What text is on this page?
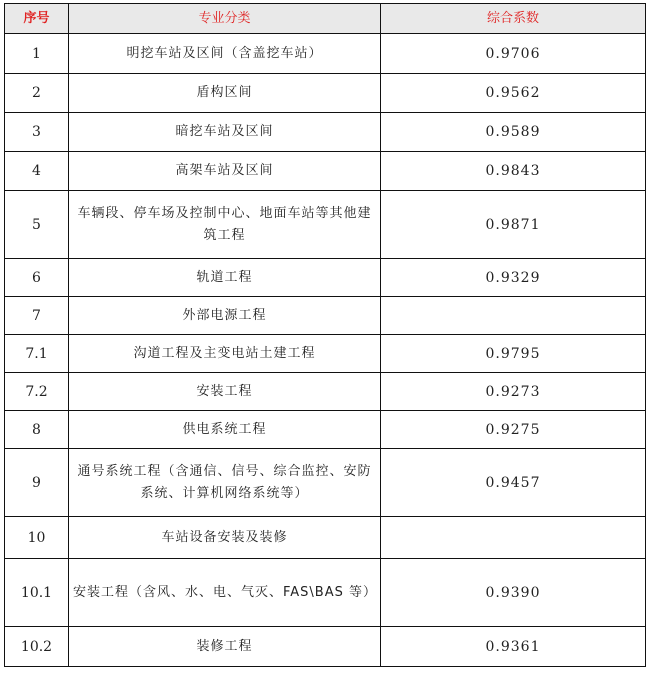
序号	专业分类	综合系数
1	明挖车站及区间（含盖挖车站）	0.9706
2	盾构区间	0.9562
3	暗挖车站及区间	0.9589
4	高架车站及区间	0.9843
5	车辆段、停车场及控制中心、地面车站等其他建筑工程	0.9871
6	轨道工程	0.9329
7	外部电源工程	
7.1	沟道工程及主变电站土建工程	0.9795
7.2	安装工程	0.9273
8	供电系统工程	0.9275
9	通号系统工程（含通信、信号、综合监控、安防系统、计算机网络系统等）	0.9457
10	车站设备安装及装修	
10.1	安装工程（含风、水、电、气灭、FAS\BAS 等）	0.9390
10.2	装修工程	0.9361
